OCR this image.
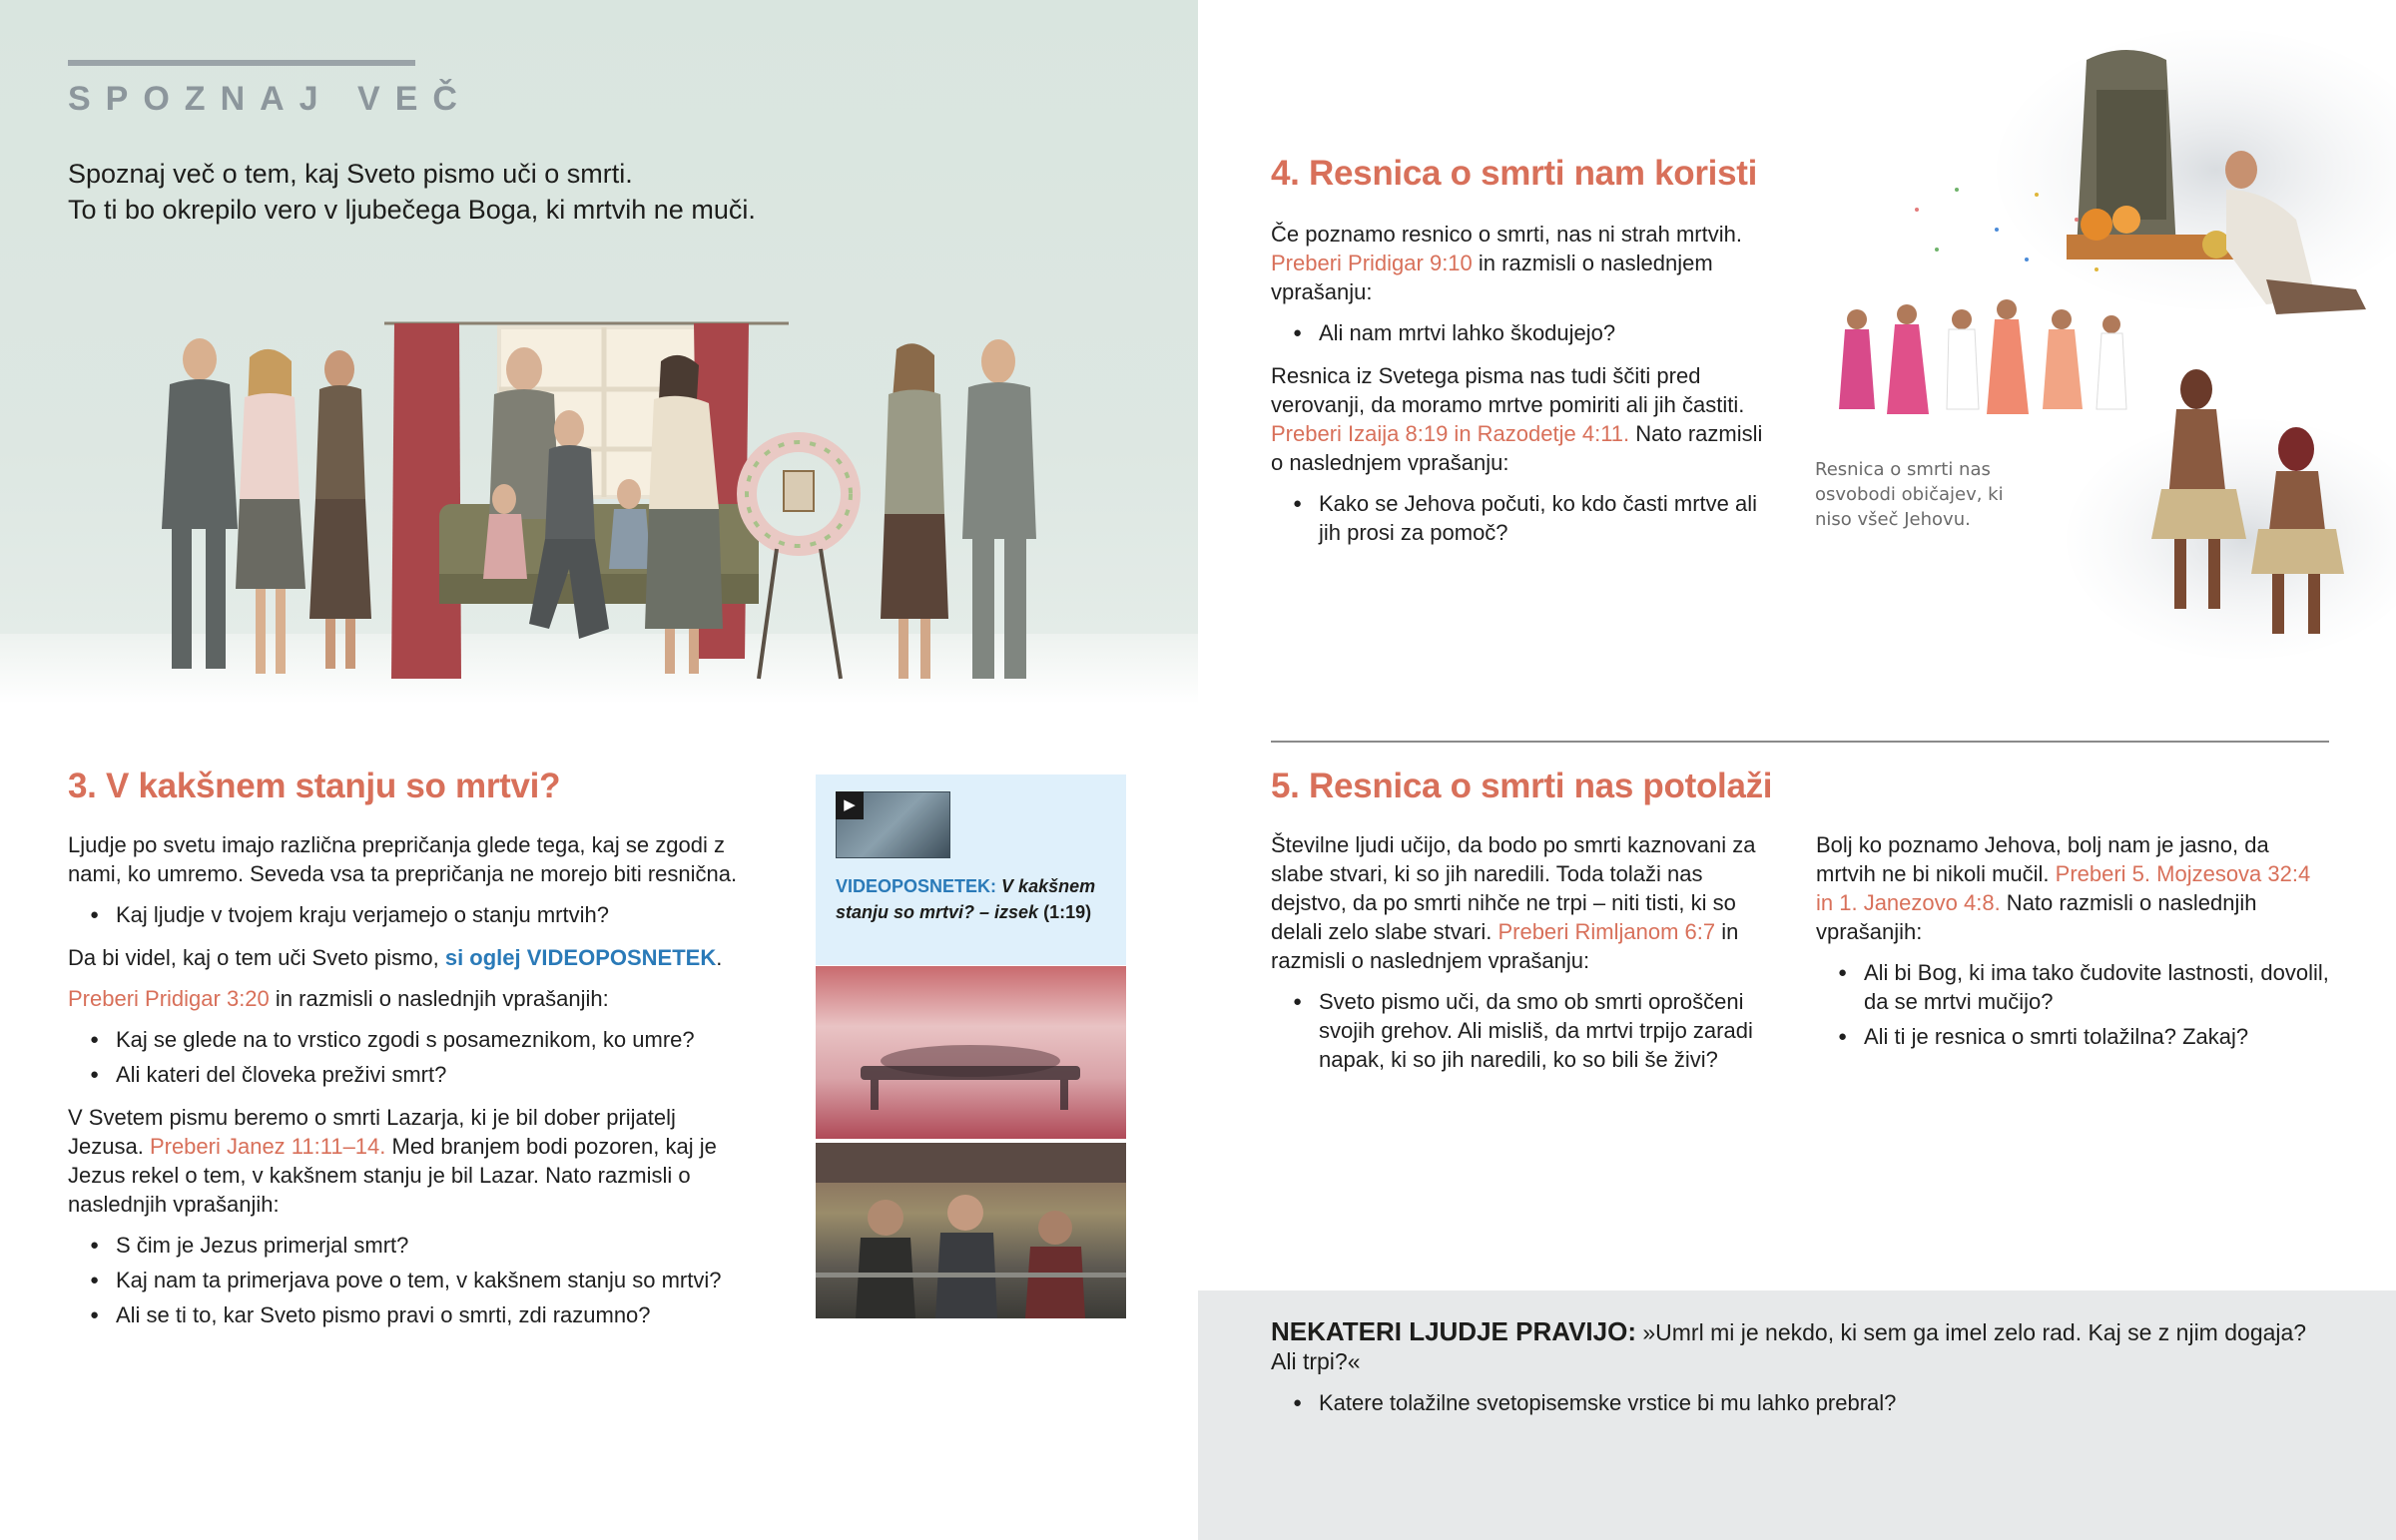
SPOZNAJ VEČ
Spoznaj več o tem, kaj Sveto pismo uči o smrti.
To ti bo okrepilo vero v ljubečega Boga, ki mrtvih ne muči.
Resnica o smrti nas osvobodi običajev, ki niso všeč Jehovu.
3. V kakšnem stanju so mrtvi?

Ljudje po svetu imajo različna prepričanja glede tega, kaj se zgodi z nami, ko umremo. Seveda vsa ta prepričanja ne morejo biti resnična.

● Kaj ljudje v tvojem kraju verjamejo o stanju mrtvih?

Da bi videl, kaj o tem uči Sveto pismo, si oglej VIDEOPOSNETEK.

Preberi Pridigar 3:20 in razmisli o naslednjih vprašanjih:

● Kaj se glede na to vrstico zgodi s posameznikom, ko umre?
● Ali kateri del človeka preživi smrt?

V Svetem pismu beremo o smrti Lazarja, ki je bil dober prijatelj Jezusa. Preberi Janez 11:11–14. Med branjem bodi pozoren, kaj je Jezus rekel o tem, v kakšnem stanju je bil Lazar. Nato razmisli o naslednjih vprašanjih:

● S čim je Jezus primerjal smrt?
● Kaj nam ta primerjava pove o tem, v kakšnem stanju so mrtvi?
● Ali se ti to, kar Sveto pismo pravi o smrti, zdi razumno?
▶
VIDEOPOSNETEK: V kakšnem stanju so mrtvi? – izsek (1:19)
4. Resnica o smrti nam koristi

Če poznamo resnico o smrti, nas ni strah mrtvih. Preberi Pridigar 9:10 in razmisli o naslednjem vprašanju:

● Ali nam mrtvi lahko škodujejo?

Resnica iz Svetega pisma nas tudi ščiti pred verovanji, da moramo mrtve pomiriti ali jih častiti. Preberi Izaija 8:19 in Razodetje 4:11. Nato razmisli o naslednjem vprašanju:

● Kako se Jehova počuti, ko kdo časti mrtve ali jih prosi za pomoč?
5. Resnica o smrti nas potolaži

Številne ljudi učijo, da bodo po smrti kaznovani za slabe stvari, ki so jih naredili. Toda tolaži nas dejstvo, da po smrti nihče ne trpi – niti tisti, ki so delali zelo slabe stvari. Preberi Rimljanom 6:7 in razmisli o naslednjem vprašanju:

● Sveto pismo uči, da smo ob smrti oproščeni svojih grehov. Ali misliš, da mrtvi trpijo zaradi napak, ki so jih naredili, ko so bili še živi?

Bolj ko poznamo Jehova, bolj nam je jasno, da mrtvih ne bi nikoli mučil. Preberi 5. Mojzesova 32:4 in 1. Janezovo 4:8. Nato razmisli o naslednjih vprašanjih:

● Ali bi Bog, ki ima tako čudovite lastnosti, dovolil, da se mrtvi mučijo?
● Ali ti je resnica o smrti tolažilna? Zakaj?

NEKATERI LJUDJE PRAVIJO: »Umrl mi je nekdo, ki sem ga imel zelo rad. Kaj se z njim dogaja? Ali trpi?«

● Katere tolažilne svetopisemske vrstice bi mu lahko prebral?
